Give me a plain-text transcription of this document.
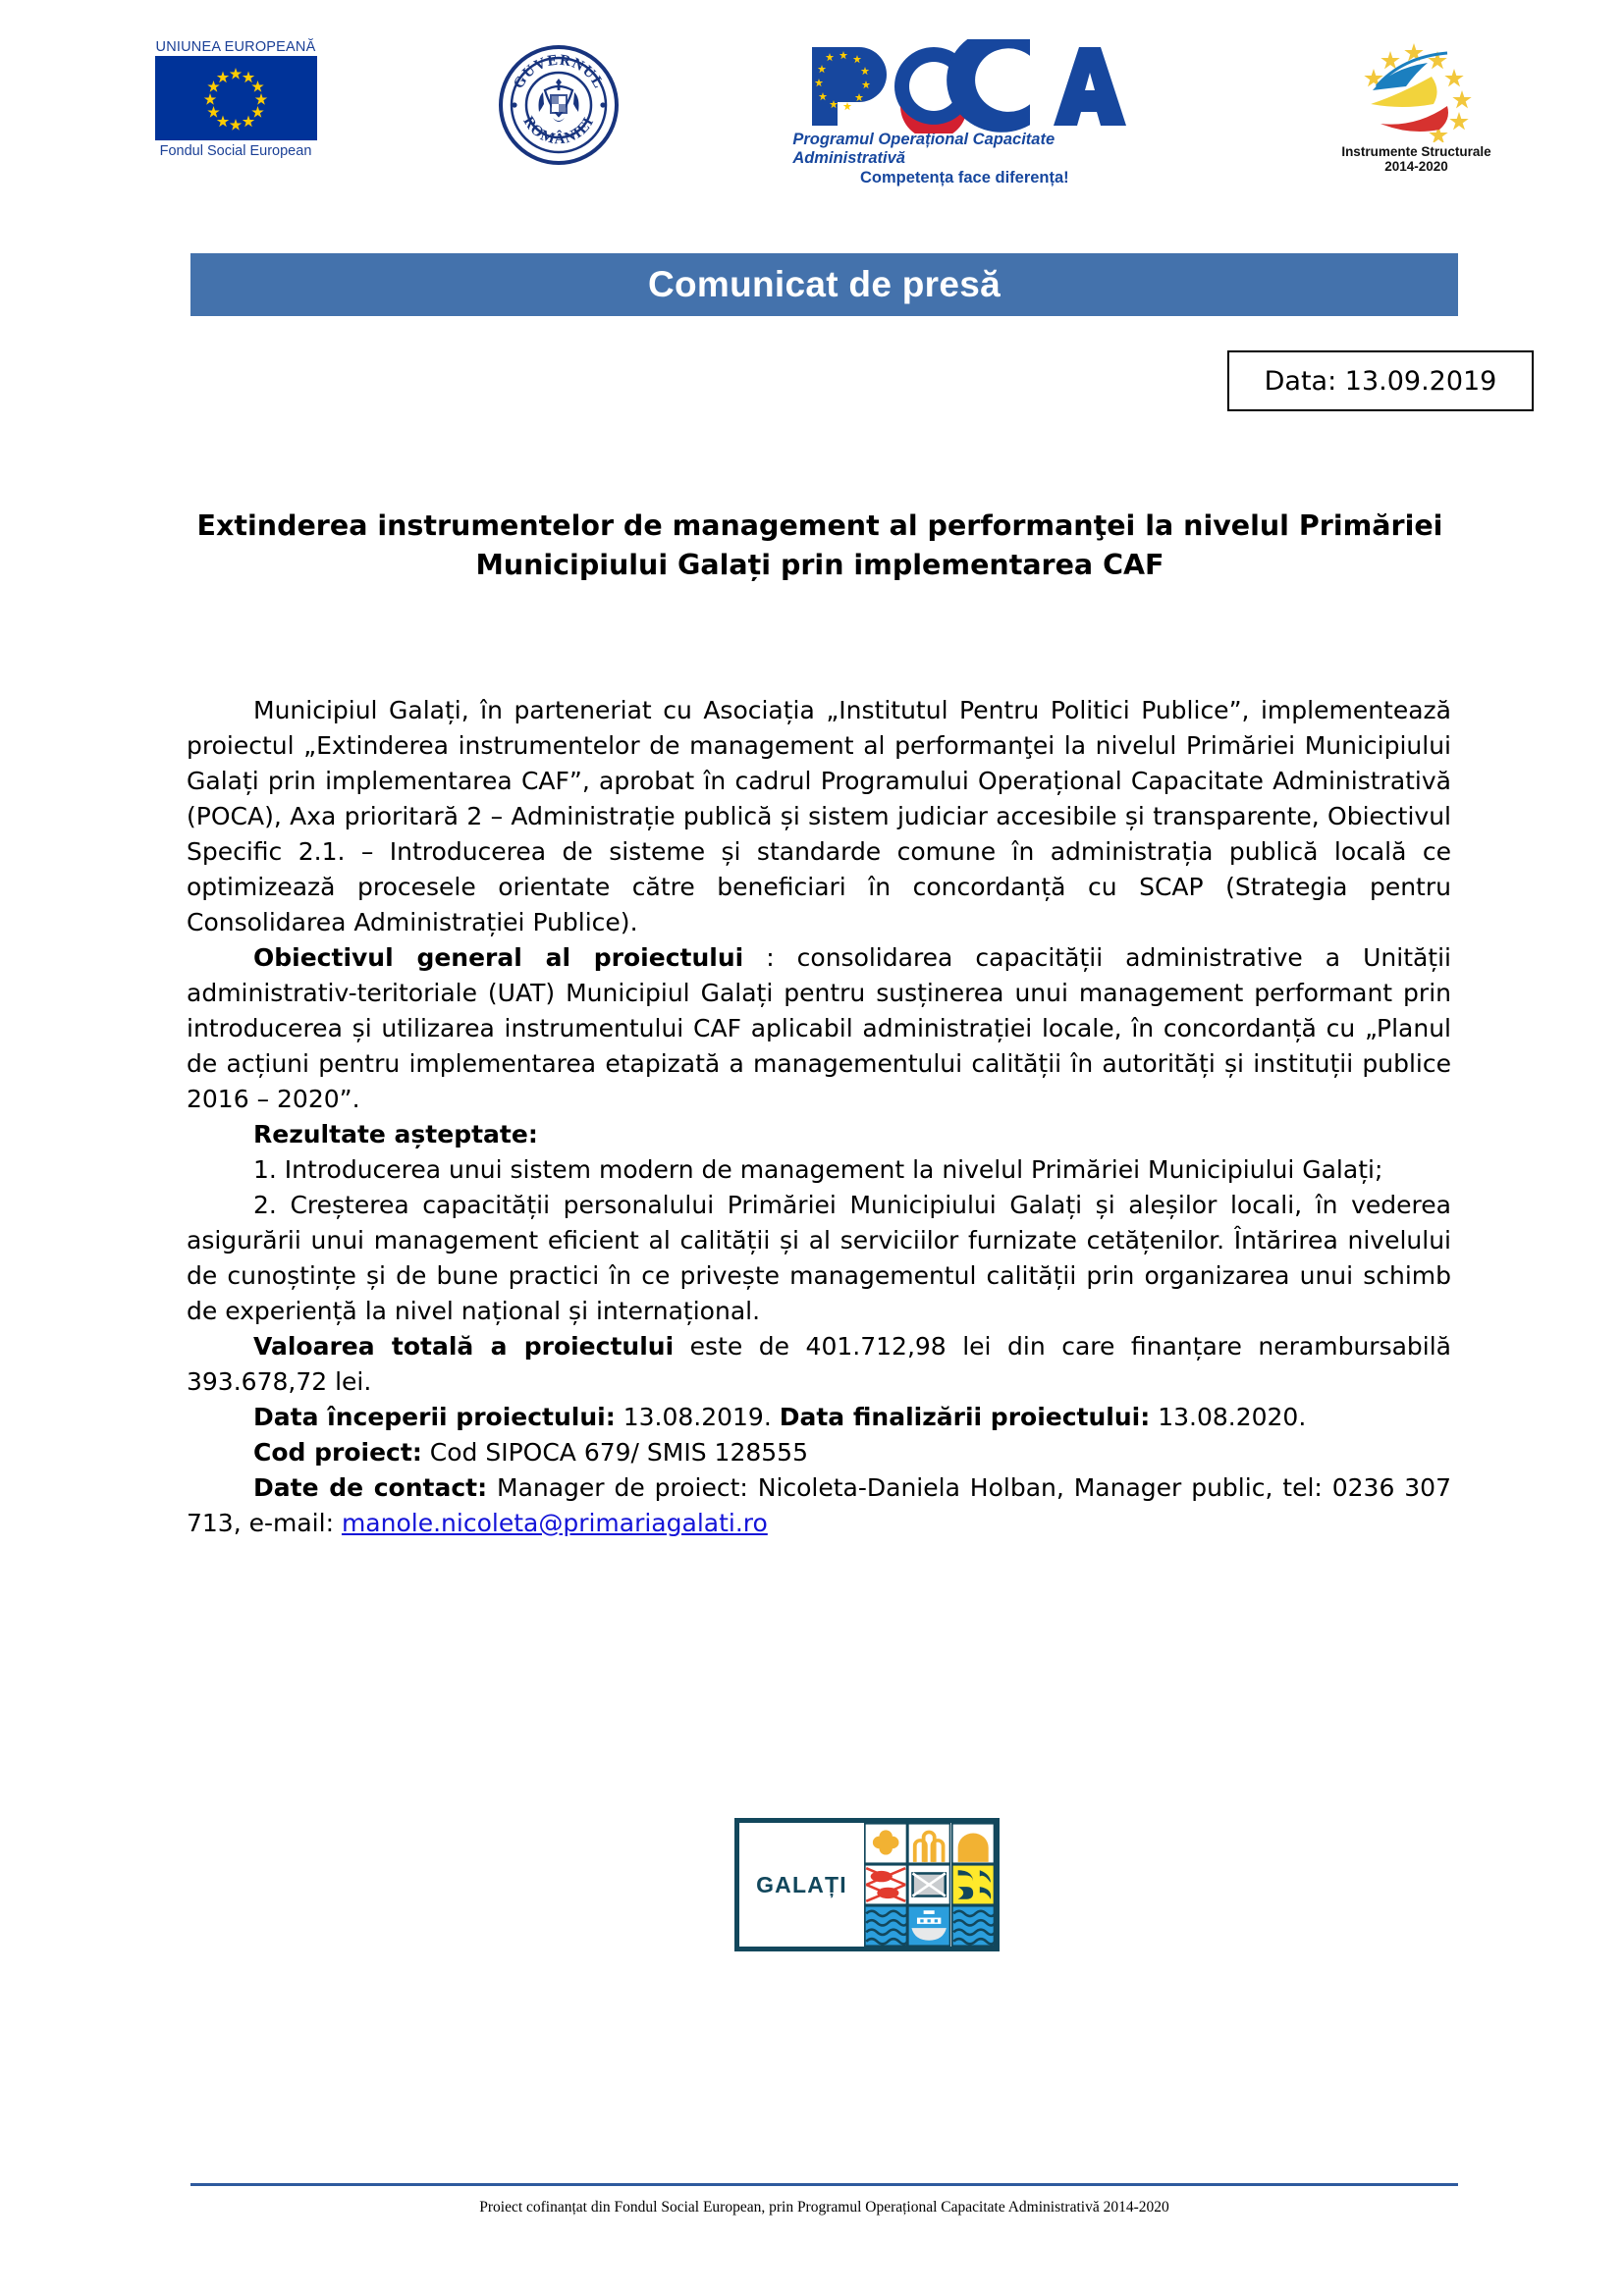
UNIUNEA EUROPEANĂ
Fondul Social European
GUVERNUL
ROMÂNIEI
Programul Operațional Capacitate Administrativă
Competența face diferența!
Instrumente Structurale
2014-2020
Comunicat de presă
Data: 13.09.2019
Extinderea instrumentelor de management al performanţei la nivelul Primăriei Municipiului Galați prin implementarea CAF

Municipiul Galați, în parteneriat cu Asociația „Institutul Pentru Politici Publice”, implementează proiectul „Extinderea instrumentelor de management al performanţei la nivelul Primăriei Municipiului Galați prin implementarea CAF”, aprobat în cadrul Programului Operațional Capacitate Administrativă (POCA), Axa prioritară 2 – Administrație publică și sistem judiciar accesibile și transparente, Obiectivul Specific 2.1. – Introducerea de sisteme și standarde comune în administrația publică locală ce optimizează procesele orientate către beneficiari în concordanță cu SCAP (Strategia pentru Consolidarea Administrației Publice).

Obiectivul general al proiectului : consolidarea capacității administrative a Unității administrativ-teritoriale (UAT) Municipiul Galați pentru susținerea unui management performant prin introducerea și utilizarea instrumentului CAF aplicabil administrației locale, în concordanță cu „Planul de acțiuni pentru implementarea etapizată a managementului calității în autorități și instituții publice 2016 – 2020”.

Rezultate așteptate:

1. Introducerea unui sistem modern de management la nivelul Primăriei Municipiului Galați;

2. Creșterea capacității personalului Primăriei Municipiului Galați și aleșilor locali, în vederea asigurării unui management eficient al calității și al serviciilor furnizate cetățenilor. Întărirea nivelului de cunoștințe și de bune practici în ce privește managementul calității prin organizarea unui schimb de experiență la nivel național și internațional.

Valoarea totală a proiectului este de 401.712,98 lei din care finanțare nerambursabilă 393.678,72 lei.

Data începerii proiectului: 13.08.2019. Data finalizării proiectului: 13.08.2020.

Cod proiect: Cod SIPOCA 679/ SMIS 128555

Date de contact: Manager de proiect: Nicoleta-Daniela Holban, Manager public, tel: 0236 307 713, e-mail: manole.nicoleta@primariagalati.ro

GALAȚI
Proiect cofinanțat din Fondul Social European, prin Programul Operațional Capacitate Administrativă 2014-2020
